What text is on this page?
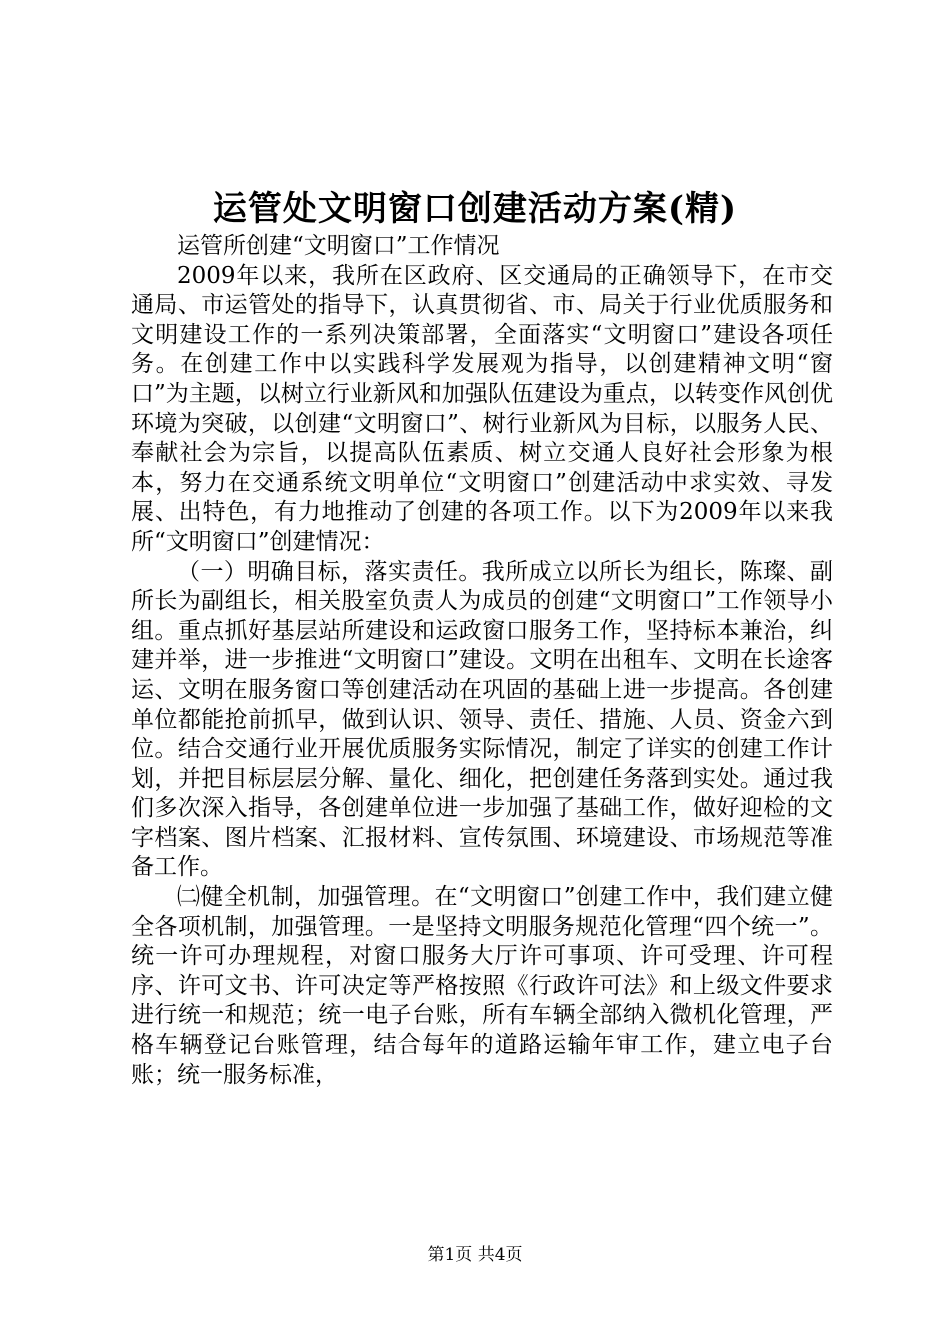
运管处文明窗口创建活动方案(精)

运管所创建“文明窗口”工作情况

2009年以来，我所在区政府、区交通局的正确领导下，在市交通局、市运管处的指导下，认真贯彻省、市、局关于行业优质服务和文明建设工作的一系列决策部署，全面落实“文明窗口”建设各项任务。在创建工作中以实践科学发展观为指导，以创建精神文明“窗口”为主题，以树立行业新风和加强队伍建设为重点，以转变作风创优环境为突破，以创建“文明窗口”、树行业新风为目标，以服务人民、奉献社会为宗旨，以提高队伍素质、树立交通人良好社会形象为根本，努力在交通系统文明单位“文明窗口”创建活动中求实效、寻发展、出特色，有力地推动了创建的各项工作。以下为2009年以来我所“文明窗口”创建情况：

（一）明确目标，落实责任。我所成立以所长为组长，陈璨、副所长为副组长，相关股室负责人为成员的创建“文明窗口”工作领导小组。重点抓好基层站所建设和运政窗口服务工作，坚持标本兼治，纠建并举，进一步推进“文明窗口”建设。文明在出租车、文明在长途客运、文明在服务窗口等创建活动在巩固的基础上进一步提高。各创建单位都能抢前抓早，做到认识、领导、责任、措施、人员、资金六到位。结合交通行业开展优质服务实际情况，制定了详实的创建工作计划，并把目标层层分解、量化、细化，把创建任务落到实处。通过我们多次深入指导，各创建单位进一步加强了基础工作，做好迎检的文字档案、图片档案、汇报材料、宣传氛围、环境建设、市场规范等准备工作。

㈡健全机制，加强管理。在“文明窗口”创建工作中，我们建立健全各项机制，加强管理。一是坚持文明服务规范化管理“四个统一”。统一许可办理规程，对窗口服务大厅许可事项、许可受理、许可程序、许可文书、许可决定等严格按照《行政许可法》和上级文件要求进行统一和规范；统一电子台账，所有车辆全部纳入微机化管理，严格车辆登记台账管理，结合每年的道路运输年审工作，建立电子台账；统一服务标准，

第1页 共4页
